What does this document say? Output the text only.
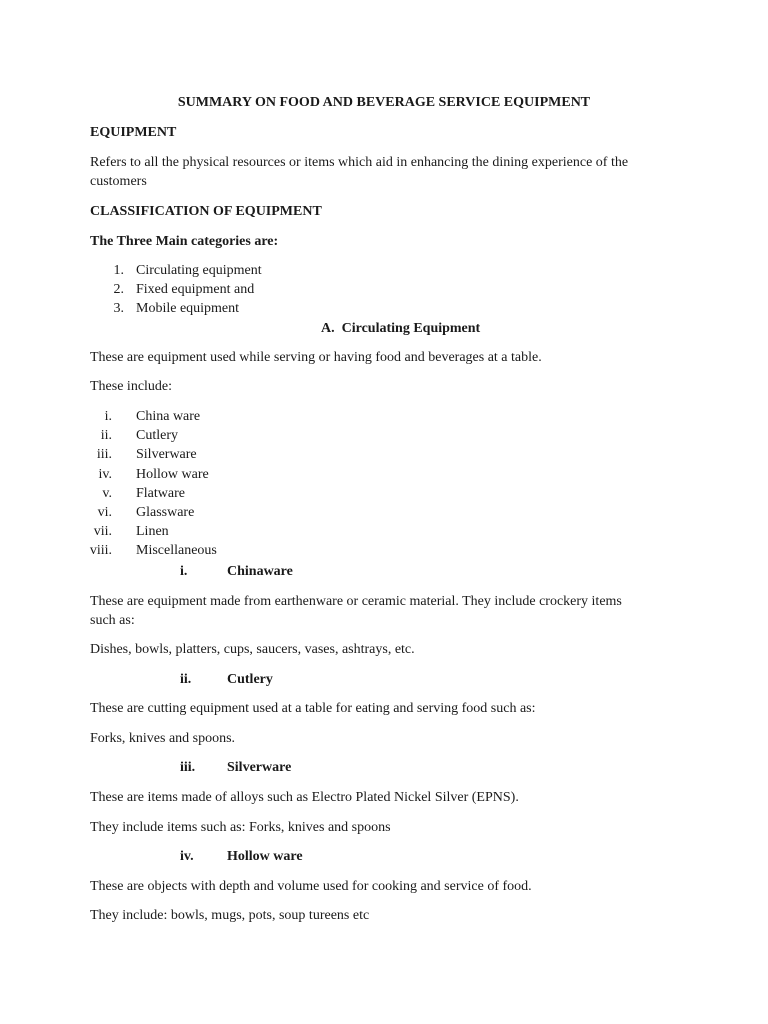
SUMMARY ON FOOD AND BEVERAGE SERVICE EQUIPMENT
EQUIPMENT
Refers to all the physical resources or items which aid in enhancing the dining experience of the
customers
CLASSIFICATION OF EQUIPMENT
The Three Main categories are:
1. Circulating equipment
2. Fixed equipment and
3. Mobile equipment
A. Circulating Equipment
These are equipment used while serving or having food and beverages at a table.
These include:
i. China ware
ii. Cutlery
iii. Silverware
iv. Hollow ware
v. Flatware
vi. Glassware
vii. Linen
viii. Miscellaneous
i.	Chinaware
These are equipment made from earthenware or ceramic material. They include crockery items
such as:
Dishes, bowls, platters, cups, saucers, vases, ashtrays, etc.
ii.	Cutlery
These are cutting equipment used at a table for eating and serving food such as:
Forks, knives and spoons.
iii. Silverware
These are items made of alloys such as Electro Plated Nickel Silver (EPNS).
They include items such as: Forks, knives and spoons
iv. Hollow ware
These are objects with depth and volume used for cooking and service of food.
They include: bowls, mugs, pots, soup tureens etc
